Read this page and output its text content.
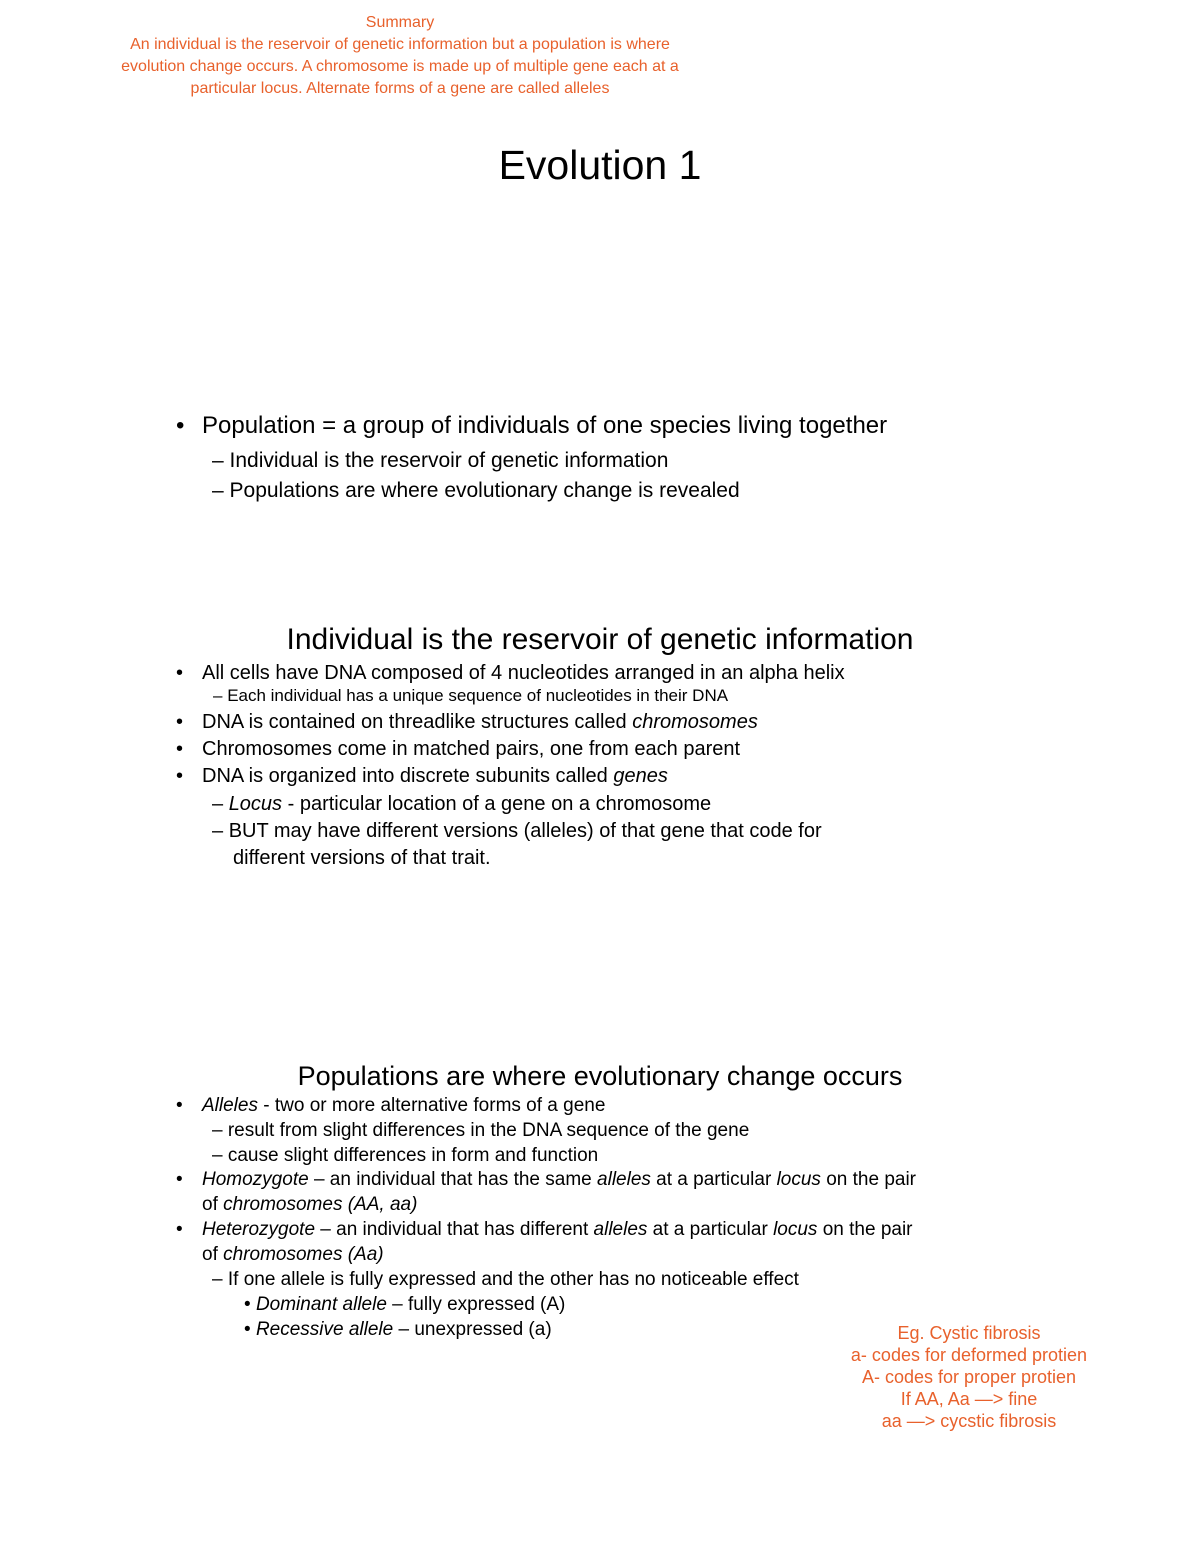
Summary
An individual is the reservoir of genetic information but a population is where
evolution change occurs. A chromosome is made up of multiple gene each at a
particular locus. Alternate forms of a gene are called alleles
Evolution 1
• Population = a group of individuals of one species living together
– Individual is the reservoir of genetic information
– Populations are where evolutionary change is revealed
Individual is the reservoir of genetic information
• All cells have DNA composed of 4 nucleotides arranged in an alpha helix
– Each individual has a unique sequence of nucleotides in their DNA
• DNA is contained on threadlike structures called chromosomes
• Chromosomes come in matched pairs, one from each parent
• DNA is organized into discrete subunits called genes
– Locus - particular location of a gene on a chromosome
– BUT may have different versions (alleles) of that gene that code for
different versions of that trait.
Populations are where evolutionary change occurs
• Alleles - two or more alternative forms of a gene
– result from slight differences in the DNA sequence of the gene
– cause slight differences in form and function
• Homozygote – an individual that has the same alleles at a particular locus on the pair
of chromosomes (AA, aa)
• Heterozygote – an individual that has different alleles at a particular locus on the pair
of chromosomes (Aa)
– If one allele is fully expressed and the other has no noticeable effect
• Dominant allele – fully expressed (A)
• Recessive allele – unexpressed (a)	Eg. Cystic fibrosis
a- codes for deformed protien
A- codes for proper protien
If AA, Aa —> fine
aa —> cycstic fibrosis
